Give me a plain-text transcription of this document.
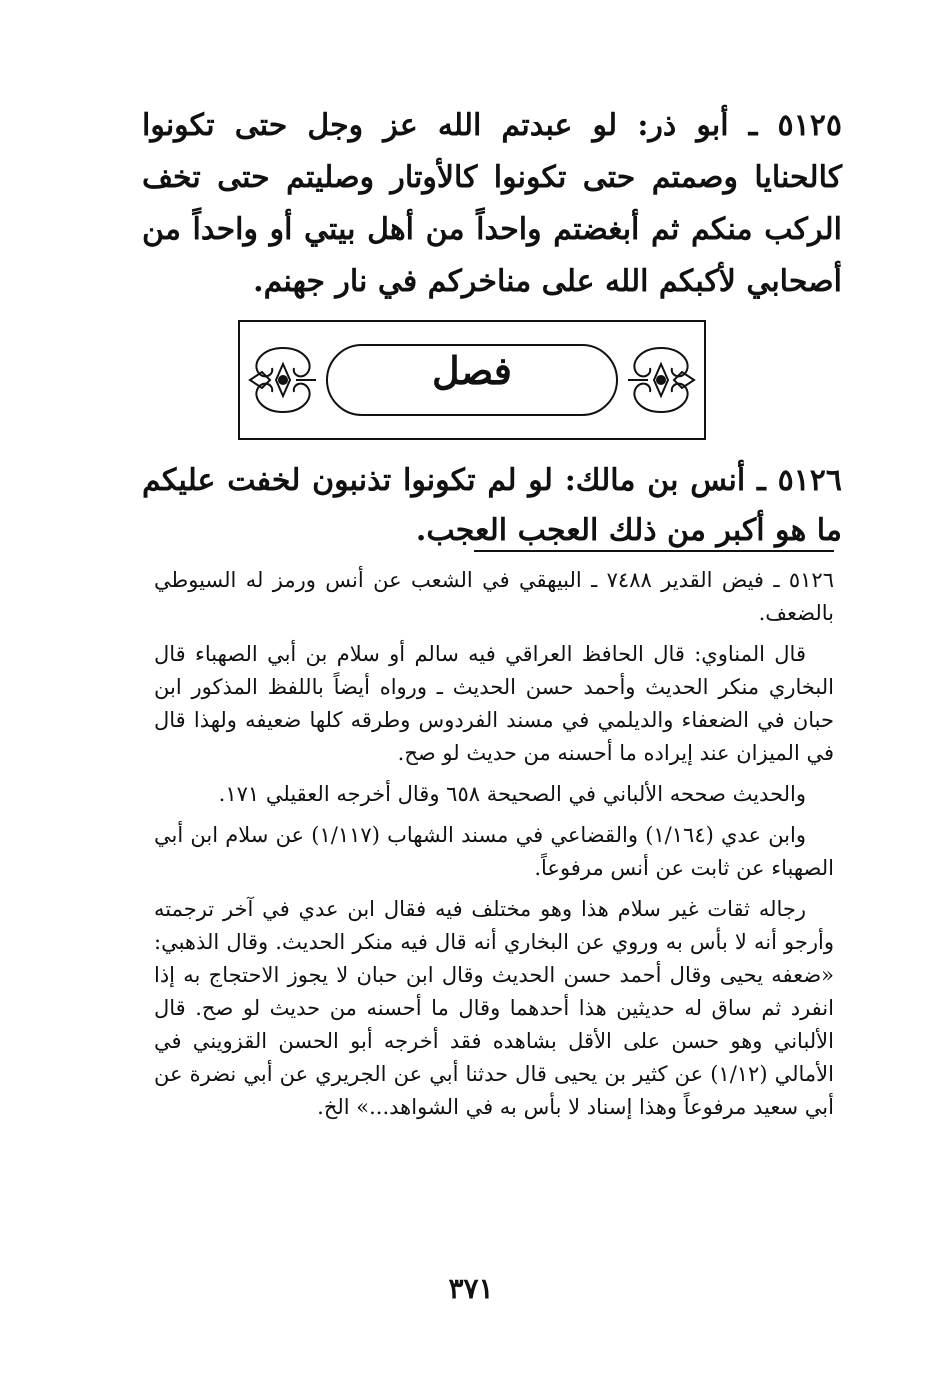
٥١٢٥ ـ أبو ذر: لو عبدتم الله عز وجل حتى تكونوا كالحنايا وصمتم حتى تكونوا كالأوتار وصليتم حتى تخف الركب منكم ثم أبغضتم واحداً من أهل بيتي أو واحداً من أصحابي لأكبكم الله على مناخركم في نار جهنم.
فصل
٥١٢٦ ـ أنس بن مالك: لو لم تكونوا تذنبون لخفت عليكم ما هو أكبر من ذلك العجب العجب.

٥١٢٦ ـ فيض القدير ٧٤٨٨ ـ البيهقي في الشعب عن أنس ورمز له السيوطي بالضعف.

قال المناوي: قال الحافظ العراقي فيه سالم أو سلام بن أبي الصهباء قال البخاري منكر الحديث وأحمد حسن الحديث ـ ورواه أيضاً باللفظ المذكور ابن حبان في الضعفاء والديلمي في مسند الفردوس وطرقه كلها ضعيفه ولهذا قال في الميزان عند إيراده ما أحسنه من حديث لو صح.

والحديث صححه الألباني في الصحيحة ٦٥٨ وقال أخرجه العقيلي ١٧١.

وابن عدي (١/١٦٤) والقضاعي في مسند الشهاب (١/١١٧) عن سلام ابن أبي الصهباء عن ثابت عن أنس مرفوعاً.

رجاله ثقات غير سلام هذا وهو مختلف فيه فقال ابن عدي في آخر ترجمته وأرجو أنه لا بأس به وروي عن البخاري أنه قال فيه منكر الحديث. وقال الذهبي: «ضعفه يحيى وقال أحمد حسن الحديث وقال ابن حبان لا يجوز الاحتجاج به إذا انفرد ثم ساق له حديثين هذا أحدهما وقال ما أحسنه من حديث لو صح. قال الألباني وهو حسن على الأقل بشاهده فقد أخرجه أبو الحسن القزويني في الأمالي (١/١٢) عن كثير بن يحيى قال حدثنا أبي عن الجريري عن أبي نضرة عن أبي سعيد مرفوعاً وهذا إسناد لا بأس به في الشواهد...» الخ.

٣٧١
